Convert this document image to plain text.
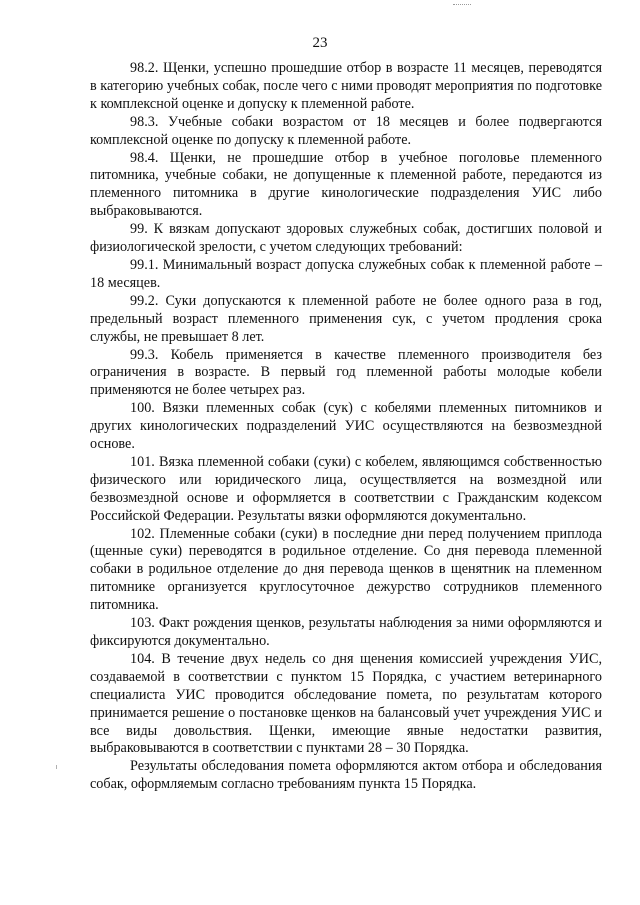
23

98.2. Щенки, успешно прошедшие отбор в возрасте 11 месяцев, переводятся в категорию учебных собак, после чего с ними проводят мероприятия по подготовке к комплексной оценке и допуску к племенной работе.

98.3. Учебные собаки возрастом от 18 месяцев и более подвергаются комплексной оценке по допуску к племенной работе.

98.4. Щенки, не прошедшие отбор в учебное поголовье племенного питомника, учебные собаки, не допущенные к племенной работе, передаются из племенного питомника в другие кинологические подразделения УИС либо выбраковываются.

99. К вязкам допускают здоровых служебных собак, достигших половой и физиологической зрелости, с учетом следующих требований:

99.1. Минимальный возраст допуска служебных собак к племенной работе – 18 месяцев.

99.2. Суки допускаются к племенной работе не более одного раза в год, предельный возраст племенного применения сук, с учетом продления срока службы, не превышает 8 лет.

99.3. Кобель применяется в качестве племенного производителя без ограничения в возрасте. В первый год племенной работы молодые кобели применяются не более четырех раз.

100. Вязки племенных собак (сук) с кобелями племенных питомников и других кинологических подразделений УИС осуществляются на безвозмездной основе.

101. Вязка племенной собаки (суки) с кобелем, являющимся собственностью физического или юридического лица, осуществляется на возмездной или безвозмездной основе и оформляется в соответствии с Гражданским кодексом Российской Федерации. Результаты вязки оформляются документально.

102. Племенные собаки (суки) в последние дни перед получением приплода (щенные суки) переводятся в родильное отделение. Со дня перевода племенной собаки в родильное отделение до дня перевода щенков в щенятник на племенном питомнике организуется круглосуточное дежурство сотрудников племенного питомника.

103. Факт рождения щенков, результаты наблюдения за ними оформляются и фиксируются документально.

104. В течение двух недель со дня щенения комиссией учреждения УИС, создаваемой в соответствии с пунктом 15 Порядка, с участием ветеринарного специалиста УИС проводится обследование помета, по результатам которого принимается решение о постановке щенков на балансовый учет учреждения УИС и все виды довольствия. Щенки, имеющие явные недостатки развития, выбраковываются в соответствии с пунктами 28 – 30 Порядка.

Результаты обследования помета оформляются актом отбора и обследования собак, оформляемым согласно требованиям пункта 15 Порядка.
